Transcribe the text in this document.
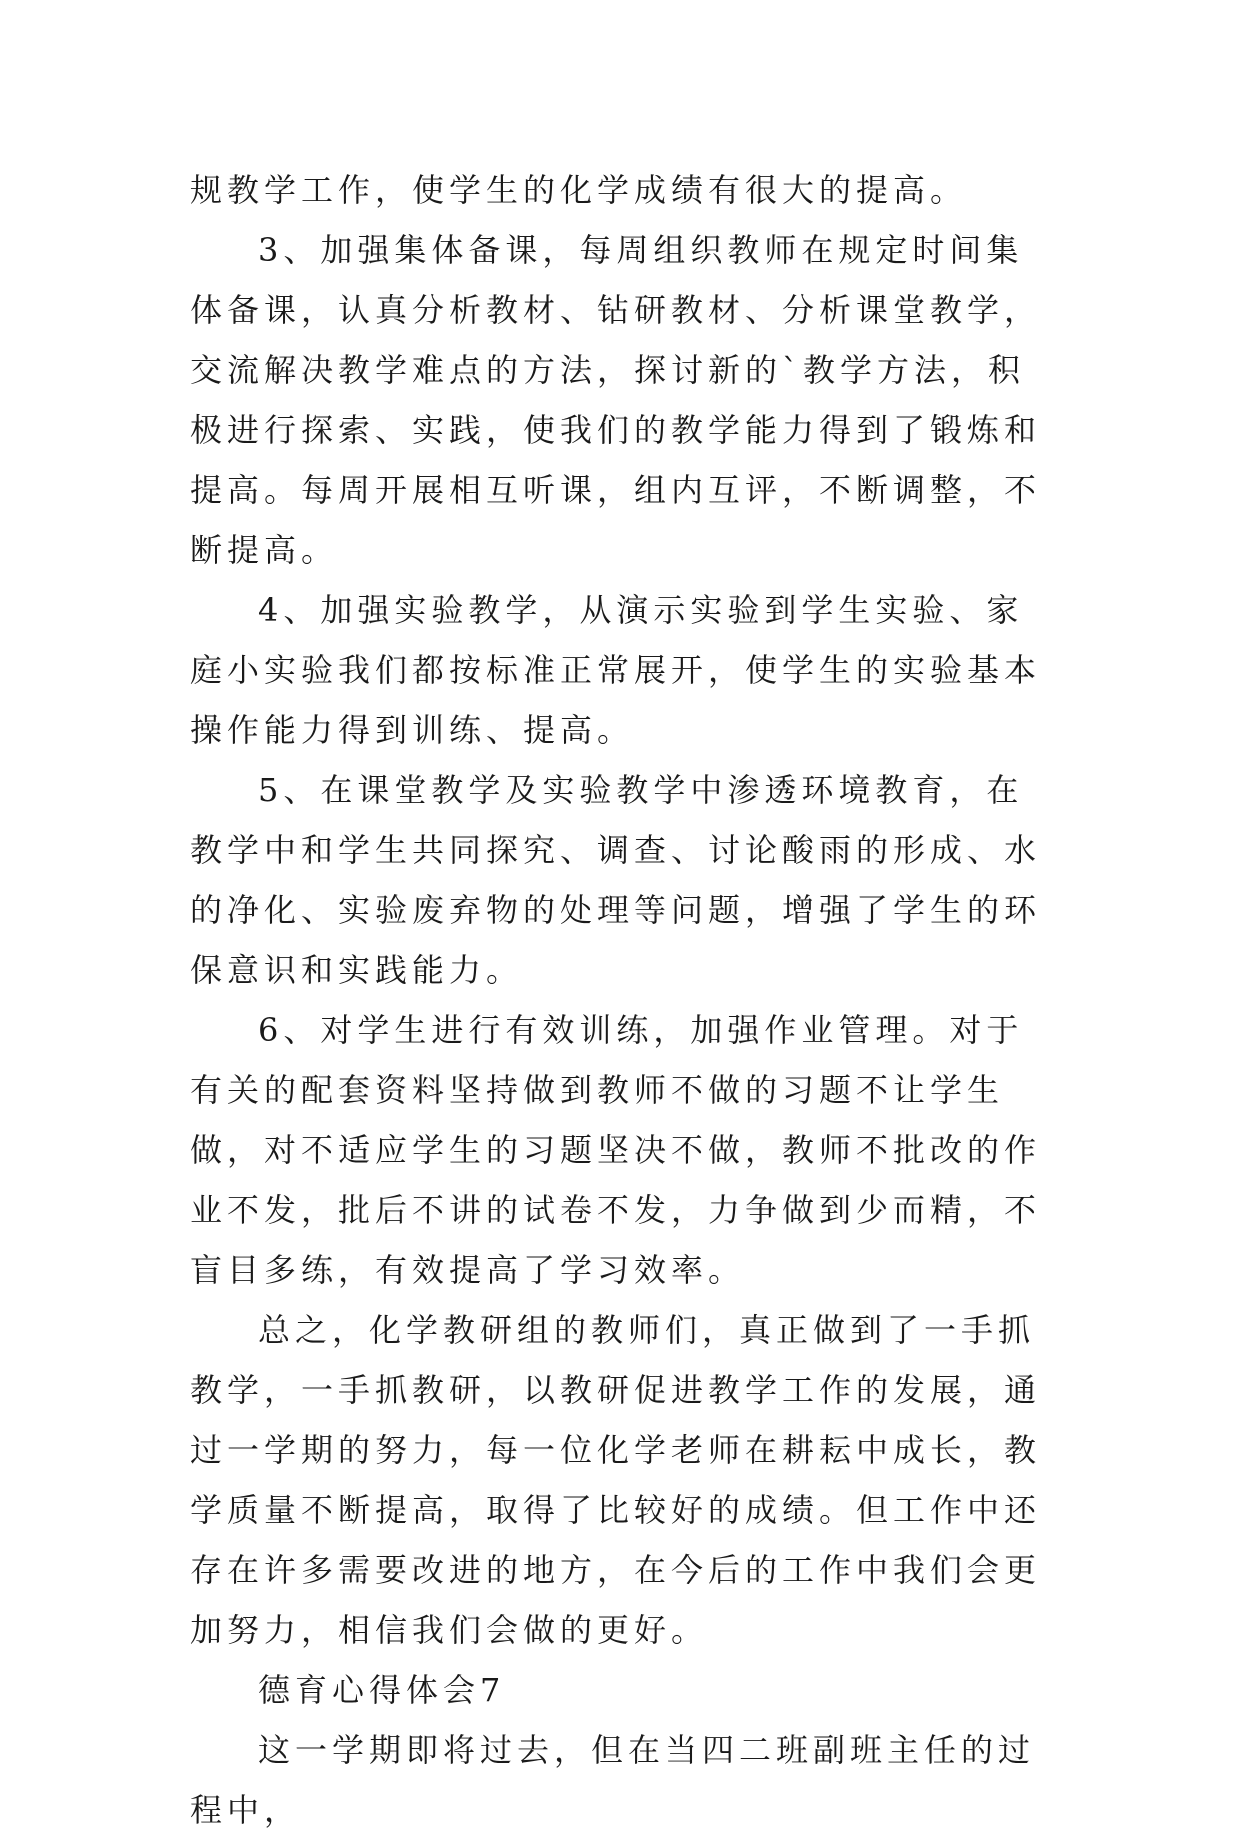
规教学工作，使学生的化学成绩有很大的提高。

3、加强集体备课，每周组织教师在规定时间集体备课，认真分析教材、钻研教材、分析课堂教学，交流解决教学难点的方法，探讨新的`教学方法，积极进行探索、实践，使我们的教学能力得到了锻炼和提高。每周开展相互听课，组内互评，不断调整，不断提高。

4、加强实验教学，从演示实验到学生实验、家庭小实验我们都按标准正常展开，使学生的实验基本操作能力得到训练、提高。

5、在课堂教学及实验教学中渗透环境教育，在教学中和学生共同探究、调查、讨论酸雨的形成、水的净化、实验废弃物的处理等问题，增强了学生的环保意识和实践能力。

6、对学生进行有效训练，加强作业管理。对于有关的配套资料坚持做到教师不做的习题不让学生做，对不适应学生的习题坚决不做，教师不批改的作业不发，批后不讲的试卷不发，力争做到少而精，不盲目多练，有效提高了学习效率。

总之，化学教研组的教师们，真正做到了一手抓教学，一手抓教研，以教研促进教学工作的发展，通过一学期的努力，每一位化学老师在耕耘中成长，教学质量不断提高，取得了比较好的成绩。但工作中还存在许多需要改进的地方，在今后的工作中我们会更加努力，相信我们会做的更好。

德育心得体会7

这一学期即将过去，但在当四二班副班主任的过程中，
